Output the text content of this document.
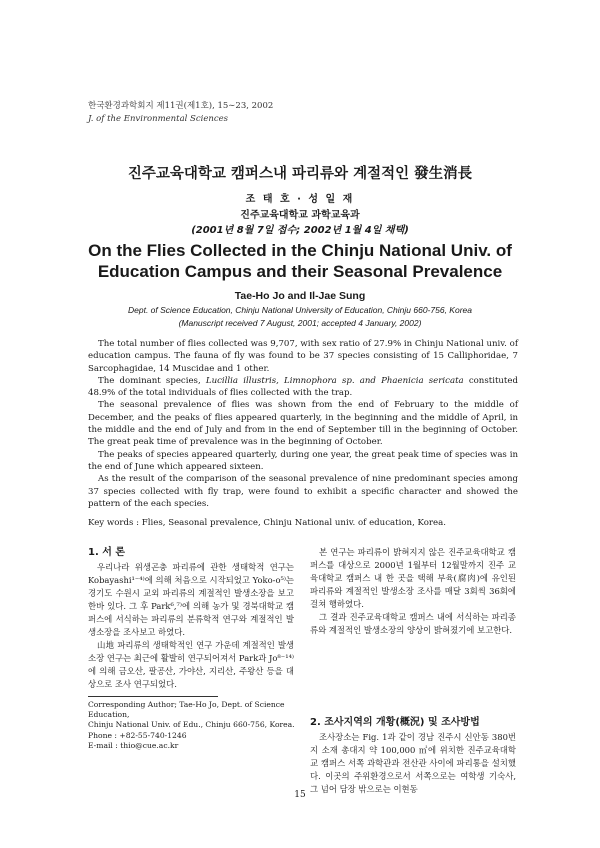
한국환경과학회지 제11권(제1호), 15∼23, 2002
J. of the Environmental Sciences
진주교육대학교 캠퍼스내 파리류와 계절적인 發生消長
조 태 호 · 성 일 재
진주교육대학교 과학교육과
(2001년 8월 7일 접수; 2002년 1월 4일 채택)
On the Flies Collected in the Chinju National Univ. of
Education Campus and their Seasonal Prevalence
Tae-Ho Jo and Il-Jae Sung
Dept. of Science Education, Chinju National University of Education, Chinju 660-756, Korea
(Manuscript received 7 August, 2001; accepted 4 January, 2002)

The total number of flies collected was 9,707, with sex ratio of 27.9% in Chinju National univ. of education campus. The fauna of fly was found to be 37 species consisting of 15 Calliphoridae, 7 Sarcophagidae, 14 Muscidae and 1 other.

The dominant species, Lucillia illustris, Limnophora sp. and Phaenicia sericata constituted 48.9% of the total individuals of flies collected with the trap.

The seasonal prevalence of flies was shown from the end of February to the middle of December, and the peaks of flies appeared quarterly, in the beginning and the middle of April, in the middle and the end of July and from in the end of September till in the beginning of October. The great peak time of prevalence was in the beginning of October.

The peaks of species appeared quarterly, during one year, the great peak time of species was in the end of June which appeared sixteen.

As the result of the comparison of the seasonal prevalence of nine predominant species among 37 species collected with fly trap, were found to exhibit a specific character and showed the pattern of the each species.

Key words : Flies, Seasonal prevalence, Chinju National univ. of education, Korea.
1. 서 론

우리나라 위생곤충 파리류에 관한 생태학적 연구는 Kobayashi¹⁻⁴⁾에 의해 처음으로 시작되었고 Yoko-o⁵⁾는 경기도 수원시 교외 파리류의 계절적인 발생소장을 보고한바 있다. 그 후 Park⁶,⁷⁾에 의해 농가 및 경북대학교 캠퍼스에 서식하는 파리류의 분류학적 연구와 계절적인 발생소장을 조사보고 하였다.

山地 파리류의 생태학적인 연구 가운데 계절적인 발생소장 연구는 최근에 활발히 연구되어져서 Park과 Jo⁸⁻¹⁴⁾에 의해 금오산, 팔공산, 가야산, 지리산, 주왕산 등을 대상으로 조사 연구되었다.

Corresponding Author; Tae-Ho Jo, Dept. of Science Education,
Chinju National Univ. of Edu., Chinju 660-756, Korea.
Phone : +82-55-740-1246
E-mail : thio@cue.ac.kr

본 연구는 파리류이 밝혀지지 않은 진주교육대학교 캠퍼스를 대상으로 2000년 1월부터 12월말까지 진주 교육대학교 캠퍼스 내 한 곳을 택해 부육(腐肉)에 유인된 파리류와 계절적인 발생소장 조사를 매달 3회씩 36회에 걸쳐 행하였다.

그 결과 진주교육대학교 캠퍼스 내에 서식하는 파리종류와 계절적인 발생소장의 양상이 밝혀졌기에 보고한다.

2. 조사지역의 개황(概況) 및 조사방법

조사장소는 Fig. 1과 같이 경남 진주시 신안동 380번지 소재 총대지 약 100,000 ㎡에 위치한 진주교육대학교 캠퍼스 서쪽 과학관과 전산관 사이에 파리통을 설치했다. 이곳의 주위환경으로서 서쪽으로는 여학생 기숙사, 그 넘어 담장 밖으로는 이현동

15
